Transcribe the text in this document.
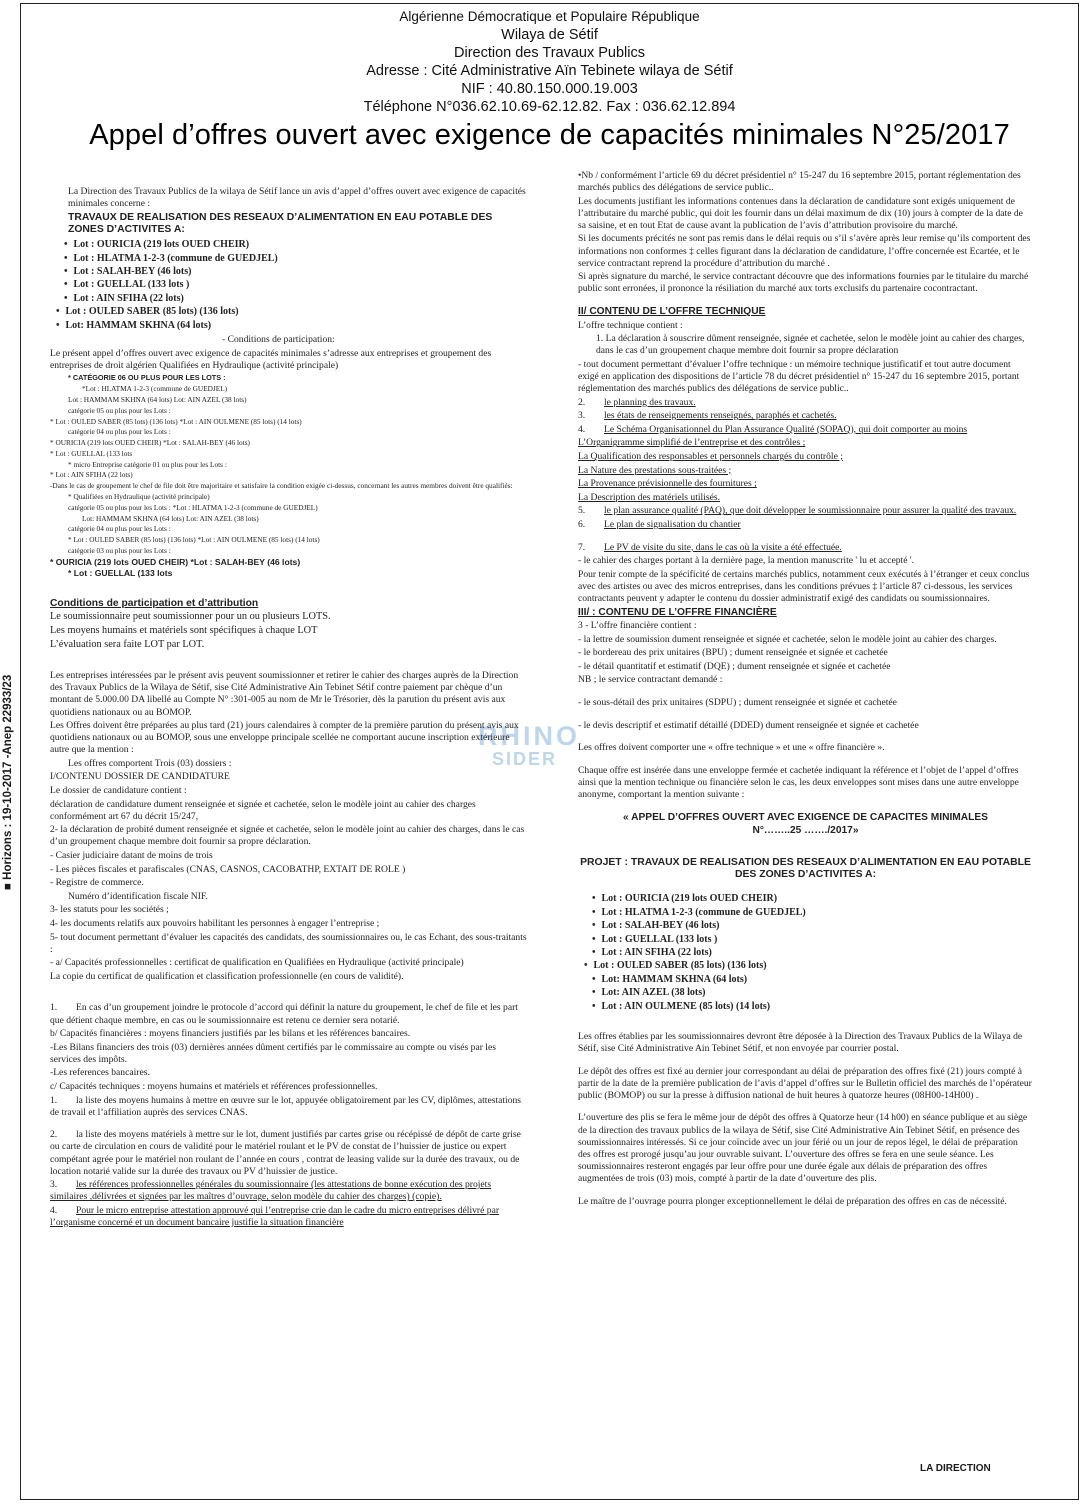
Algérienne Démocratique et Populaire République
Wilaya de Sétif
Direction des Travaux Publics
Adresse : Cité Administrative Aïn Tebinete wilaya de Sétif
NIF : 40.80.150.000.19.003
Téléphone N°036.62.10.69-62.12.82. Fax : 036.62.12.894
Appel d’offres ouvert avec exigence de capacités minimales N°25/2017
■ Horizons : 19-10-2017 -Anep 22933/23	RHINO
SIDER

La Direction des Travaux Publics de la wilaya de Sétif lance un avis d’appel d’offres ouvert avec exigence de capacités minimales concerne :

TRAVAUX DE REALISATION DES RESEAUX D’ALIMENTATION EN EAU POTABLE DES ZONES D’ACTIVITES A:

• Lot : OURICIA (219 lots OUED CHEIR)
• Lot : HLATMA 1-2-3 (commune de GUEDJEL)
• Lot : SALAH-BEY (46 lots)
• Lot : GUELLAL (133 lots )
• Lot : AIN SFIHA (22 lots)
• Lot : OULED SABER (85 lots) (136 lots)
• Lot: HAMMAM SKHNA (64 lots)

- Conditions de participation:

Le présent appel d’offres ouvert avec exigence de capacités minimales s’adresse aux entreprises et groupement des entreprises de droit algérien Qualifiées en Hydraulique (activité principale)

* CATÉGORIE 06 OU PLUS POUR LES LOTS :
*Lot : HLATMA 1-2-3 (commune de GUEDJEL)
Lot : HAMMAM SKHNA (64 lots) Lot: AIN AZEL (38 lots)
catégorie 05 ou plus pour les Lots :
* Lot : OULED SABER (85 lots) (136 lots) *Lot : AIN OULMENE (85 lots) (14 lots)
catégorie 04 ou plus pour les Lots :
* OURICIA (219 lots OUED CHEIR) *Lot : SALAH-BEY (46 lots)
* Lot : GUELLAL (133 lots
* micro Entreprise catégorie 01 ou plus pour les Lots :
* Lot : AIN SFIHA (22 lots)
-Dans le cas de groupement le chef de file doit être majoritaire et satisfaire la condition exigée ci-dessus, concernant les autres membres doivent être qualifiés:
* Qualifiées en Hydraulique (activité principale)
catégorie 05 ou plus pour les Lots : *Lot : HLATMA 1-2-3 (commune de GUEDJEL)
Lot: HAMMAM SKHNA (64 lots) Lot: AIN AZEL (38 lots)
catégorie 04 ou plus pour les Lots :
* Lot : OULED SABER (85 lots) (136 lots) *Lot : AIN OULMENE (85 lots) (14 lots)
catégorie 03 ou plus pour les Lots :
* OURICIA (219 lots OUED CHEIR) *Lot : SALAH-BEY (46 lots)
* Lot : GUELLAL (133 lots

Conditions de participation et d’attribution

Le soumissionnaire peut soumissionner pour un ou plusieurs LOTS.

Les moyens humains et matériels sont spécifiques à chaque LOT

L’évaluation sera faite LOT par LOT.

Les entreprises intéressées par le présent avis peuvent soumissionner et retirer le cahier des charges auprès de la Direction des Travaux Publics de la Wilaya de Sétif, sise Cité Administrative Ain Tebinet Sétif contre paiement par chèque d’un montant de 5.000.00 DA libellé au Compte N° :301-005 au nom de Mr le Trésorier, dès la parution du présent avis aux quotidiens nationaux ou au BOMOP.

Les Offres doivent être préparées au plus tard (21) jours calendaires à compter de la première parution du présent avis aux quotidiens nationaux ou au BOMOP, sous une enveloppe principale scellée ne comportant aucune inscription extérieure autre que la mention :

Les offres comportent Trois (03) dossiers :

I/CONTENU DOSSIER DE CANDIDATURE

Le dossier de candidature contient :

déclaration de candidature dument renseignée et signée et cachetée, selon le modèle joint au cahier des charges conformément art 67 du décrit 15/247,

2- la déclaration de probité dument renseignée et signée et cachetée, selon le modèle joint au cahier des charges, dans le cas d’un groupement chaque membre doit fournir sa propre déclaration.

- Casier judiciaire datant de moins de trois

- Les pièces fiscales et parafiscales (CNAS, CASNOS, CACOBATHP, EXTAIT DE ROLE )

- Registre de commerce.

Numéro d’identification fiscale NIF.

3- les statuts pour les sociétés ;

4- les documents relatifs aux pouvoirs habilitant les personnes à engager l’entreprise ;

5- tout document permettant d’évaluer les capacités des candidats, des soumissionnaires ou, le cas Echant, des sous-traitants :

- a/ Capacités professionnelles : certificat de qualification en Qualifiées en Hydraulique (activité principale)

La copie du certificat de qualification et classification professionnelle (en cours de validité).

1. En cas d’un groupement joindre le protocole d’accord qui définit la nature du groupement, le chef de file et les part que détient chaque membre, en cas ou le soumissionnaire est retenu ce dernier sera notarié.

b/ Capacités financières : moyens financiers justifiés par les bilans et les références bancaires.

-Les Bilans financiers des trois (03) dernières années dûment certifiés par le commissaire au compte ou visés par les services des impôts.

-Les references bancaires.

c/ Capacités techniques : moyens humains et matériels et références professionnelles.

1. la liste des moyens humains à mettre en œuvre sur le lot, appuyée obligatoirement par les CV, diplômes, attestations de travail et l’affiliation auprès des services CNAS.

2. la liste des moyens matériels à mettre sur le lot, dument justifiés par cartes grise ou récépissé de dépôt de carte grise ou carte de circulation en cours de validité pour le matériel roulant et le PV de constat de l’huissier de justice ou expert compétant agrée pour le matériel non roulant de l’année en cours , contrat de leasing valide sur la durée des travaux, ou de location notarié valide sur la durée des travaux ou PV d’huissier de justice.

3. les références professionnelles générales du soumissionnaire (les attestations de bonne exécution des projets similaires ,délivrées et signées par les maîtres d’ouvrage, selon modèle du cahier des charges) (copie).

4. Pour le micro entreprise attestation approuvé qui l’entreprise crie dan le cadre du micro entreprises délivré par l’organisme concerné et un document bancaire justifie la situation financière

•Nb / conformément l’article 69 du décret présidentiel n° 15-247 du 16 septembre 2015, portant réglementation des marchés publics des délégations de service public..

Les documents justifiant les informations contenues dans la déclaration de candidature sont exigés uniquement de l’attributaire du marché public, qui doit les fournir dans un délai maximum de dix (10) jours à compter de la date de sa saisine, et en tout Etat de cause avant la publication de l’avis d’attribution provisoire du marché.

Si les documents précités ne sont pas remis dans le délai requis ou s’il s’avère après leur remise qu’ils comportent des informations non conformes ‡ celles figurant dans la déclaration de candidature, l’offre concernée est Ecartée, et le service contractant reprend la procédure d’attribution du marché .

Si après signature du marché, le service contractant découvre que des informations fournies par le titulaire du marché public sont erronées, il prononce la résiliation du marché aux torts exclusifs du partenaire cocontractant.

II/ CONTENU DE L’OFFRE TECHNIQUE

L’offre technique contient :

1. La déclaration à souscrire dûment renseignée, signée et cachetée, selon le modèle joint au cahier des charges, dans le cas d’un groupement chaque membre doit fournir sa propre déclaration

- tout document permettant d’évaluer l’offre technique : un mémoire technique justificatif et tout autre document exigé en application des dispositions de l’article 78 du décret présidentiel n° 15-247 du 16 septembre 2015, portant réglementation des marchés publics des délégations de service public..

2. le planning des travaux.

3. les états de renseignements renseignés, paraphés et cachetés.

4. Le Schéma Organisationnel du Plan Assurance Qualité (SOPAQ), qui doit comporter au moins

L’Organigramme simplifié de l’entreprise et des contrôles ;

La Qualification des responsables et personnels chargés du contrôle ;

La Nature des prestations sous-traitées ;

La Provenance prévisionnelle des fournitures ;

La Description des matériels utilisés.

5. le plan assurance qualité (PAQ), que doit développer le soumissionnaire pour assurer la qualité des travaux.

6. Le plan de signalisation du chantier

7. Le PV de visite du site, dans le cas où la visite a été effectuée.

- le cahier des charges portant à la dernière page, la mention manuscrite ' lu et accepté '.

Pour tenir compte de la spécificité de certains marchés publics, notamment ceux exécutés à l’étranger et ceux conclus avec des artistes ou avec des micros entreprises, dans les conditions prévues ‡ l’article 87 ci-dessous, les services contractants peuvent y adapter le contenu du dossier administratif exigé des candidats ou soumissionnaires.

III/ : CONTENU DE L’OFFRE FINANCIÈRE

3 - L’offre financière contient :

- la lettre de soumission dument renseignée et signée et cachetée, selon le modèle joint au cahier des charges.

- le bordereau des prix unitaires (BPU) ; dument renseignée et signée et cachetée

- le détail quantitatif et estimatif (DQE) ; dument renseignée et signée et cachetée

NB ; le service contractant demandé :

- le sous-détail des prix unitaires (SDPU) ; dument renseignée et signée et cachetée

- le devis descriptif et estimatif détaillé (DDED) dument renseignée et signée et cachetée

Les offres doivent comporter une « offre technique » et une « offre financière ».

Chaque offre est insérée dans une enveloppe fermée et cachetée indiquant la référence et l’objet de l’appel d’offres ainsi que la mention technique ou financière selon le cas, les deux enveloppes sont mises dans une autre enveloppe anonyme, comportant la mention suivante :

« APPEL D’OFFRES OUVERT AVEC EXIGENCE DE CAPACITES MINIMALES

N°……..25 ……./2017»

PROJET : TRAVAUX DE REALISATION DES RESEAUX D’ALIMENTATION EN EAU POTABLE DES ZONES D’ACTIVITES A:

• Lot : OURICIA (219 lots OUED CHEIR)
• Lot : HLATMA 1-2-3 (commune de GUEDJEL)
• Lot : SALAH-BEY (46 lots)
• Lot : GUELLAL (133 lots )
• Lot : AIN SFIHA (22 lots)
• Lot : OULED SABER (85 lots) (136 lots)
• Lot: HAMMAM SKHNA (64 lots)
• Lot: AIN AZEL (38 lots)
• Lot : AIN OULMENE (85 lots) (14 lots)

Les offres établies par les soumissionnaires devront être déposée à la Direction des Travaux Publics de la Wilaya de Sétif, sise Cité Administrative Ain Tebinet Sétif, et non envoyée par courrier postal.

Le dépôt des offres est fixé au dernier jour correspondant au délai de préparation des offres fixé (21) jours compté à partir de la date de la première publication de l’avis d’appel d’offres sur le Bulletin officiel des marchés de l’opérateur public (BOMOP) ou sur la presse à diffusion national de huit heures à quatorze heures (08H00-14H00) .

L’ouverture des plis se fera le même jour de dépôt des offres à Quatorze heur (14 h00) en séance publique et au siège de la direction des travaux publics de la wilaya de Sétif, sise Cité Administrative Ain Tebinet Sétif, en présence des soumissionnaires intéressés. Si ce jour coïncide avec un jour férié ou un jour de repos légel, le délai de préparation des offres est prorogé jusqu’au jour ouvrable suivant. L’ouverture des offres se fera en une seule séance. Les soumissionnaires resteront engagés par leur offre pour une durée égale aux délais de préparation des offres augmentées de trois (03) mois, compté à partir de la date d’ouverture des plis.

Le maître de l’ouvrage pourra plonger exceptionnellement le délai de préparation des offres en cas de nécessité.

LA DIRECTION
